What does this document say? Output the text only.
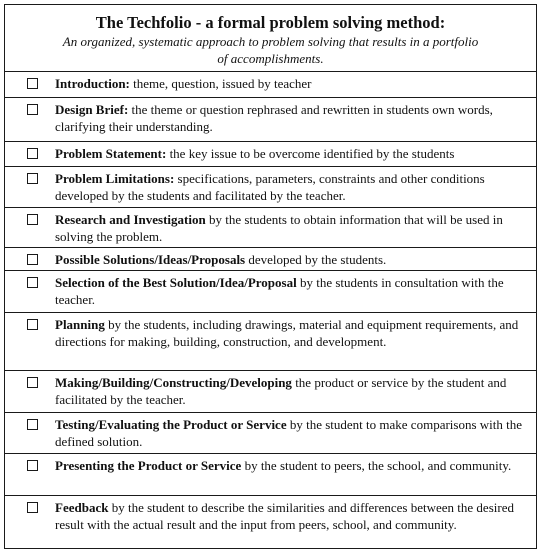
The Techfolio - a formal problem solving method:
An organized, systematic approach to problem solving that results in a portfolio of accomplishments.
Introduction: theme, question, issued by teacher
Design Brief: the theme or question rephrased and rewritten in students own words, clarifying their understanding.
Problem Statement: the key issue to be overcome identified by the students
Problem Limitations: specifications, parameters, constraints and other conditions developed by the students and facilitated by the teacher.
Research and Investigation by the students to obtain information that will be used in solving the problem.
Possible Solutions/Ideas/Proposals developed by the students.
Selection of the Best Solution/Idea/Proposal by the students in consultation with the teacher.
Planning by the students, including drawings, material and equipment requirements, and directions for making, building, construction, and development.
Making/Building/Constructing/Developing the product or service by the student and facilitated by the teacher.
Testing/Evaluating the Product or Service by the student to make comparisons with the defined solution.
Presenting the Product or Service by the student to peers, the school, and community.
Feedback by the student to describe the similarities and differences between the desired result with the actual result and the input from peers, school, and community.
